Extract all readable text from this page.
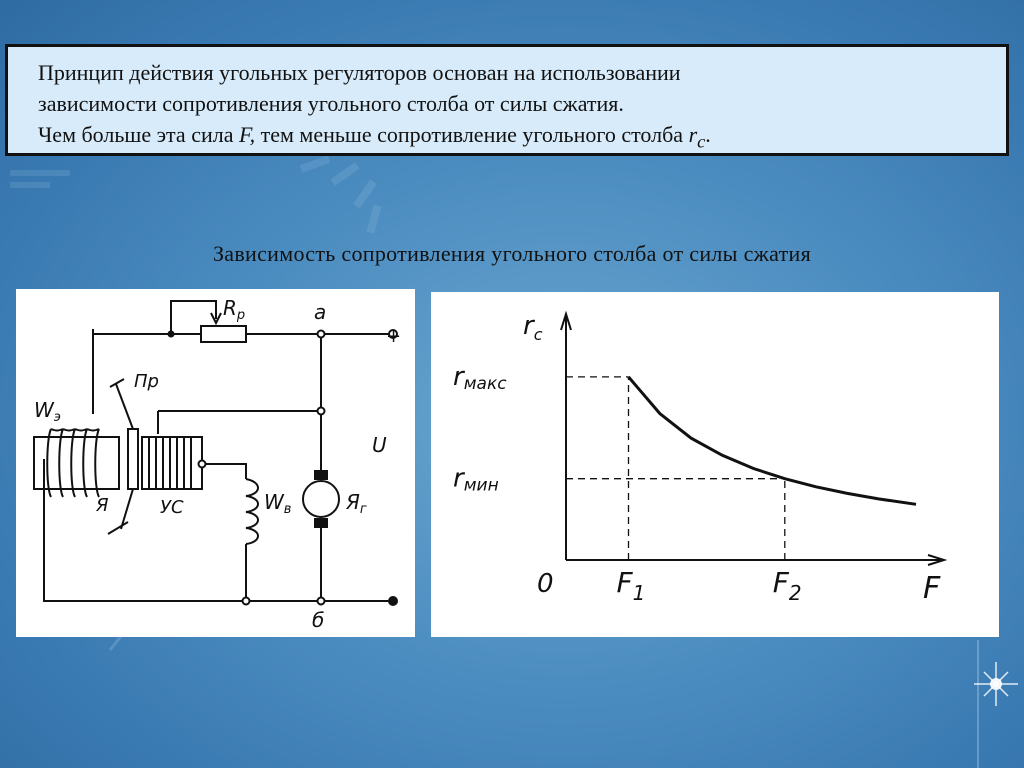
Принцип действия угольных регуляторов основан на использовании

зависимости сопротивления угольного столба от силы сжатия.

Чем больше эта сила F, тем меньше сопротивление угольного столба $r_c$.

Зависимость сопротивления угольного столба от силы сжатия
$R_p$	a
+
$W_э$
Пр
Я	УС	$W_в$
U
$Я_г$
б
$r_c$
0	F
rмакс
rмин
$F_1$	$F_2$
